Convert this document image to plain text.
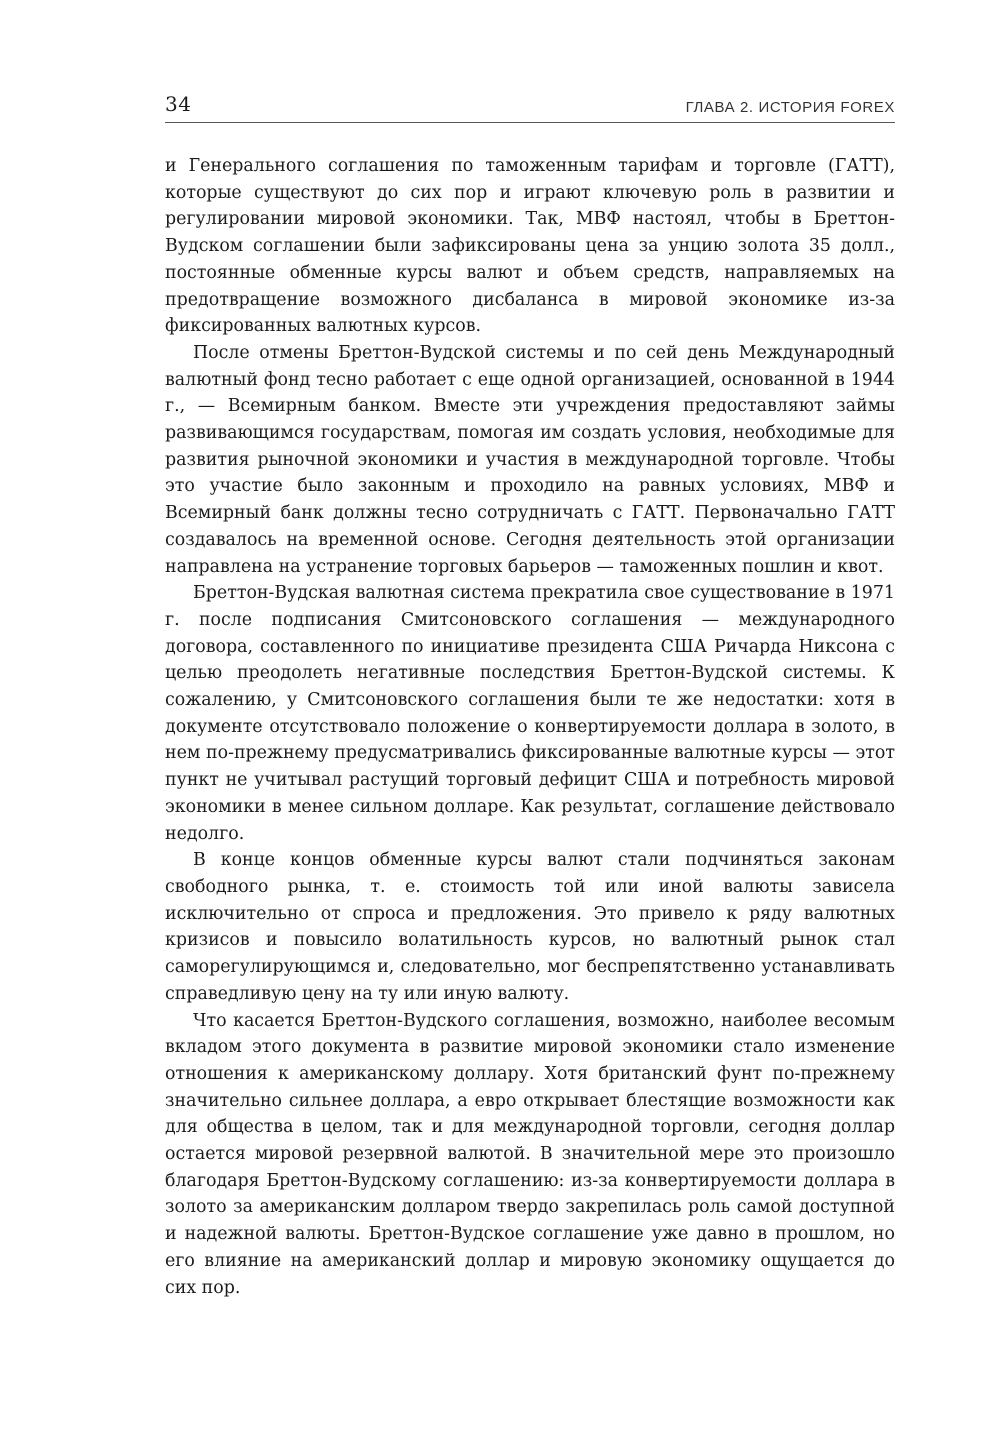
34	ГЛАВА 2. ИСТОРИЯ FOREX

и Генерального соглашения по таможенным тарифам и торговле (ГАТТ), которые существуют до сих пор и играют ключевую роль в развитии и регулировании мировой экономики. Так, МВФ настоял, чтобы в Бреттон-Вудском соглашении были зафиксированы цена за унцию золота 35 долл., постоянные обменные курсы валют и объем средств, направляемых на предотвращение возможного дисбаланса в мировой экономике из-за фиксированных валютных курсов.

После отмены Бреттон-Вудской системы и по сей день Международный валютный фонд тесно работает с еще одной организацией, основанной в 1944 г., — Всемирным банком. Вместе эти учреждения предоставляют займы развивающимся государствам, помогая им создать условия, необходимые для развития рыночной экономики и участия в международной торговле. Чтобы это участие было законным и проходило на равных условиях, МВФ и Всемирный банк должны тесно сотрудничать с ГАТТ. Первоначально ГАТТ создавалось на временной основе. Сегодня деятельность этой организации направлена на устранение торговых барьеров — таможенных пошлин и квот.

Бреттон-Вудская валютная система прекратила свое существование в 1971 г. после подписания Смитсоновского соглашения — международного договора, составленного по инициативе президента США Ричарда Никсона с целью преодолеть негативные последствия Бреттон-Вудской системы. К сожалению, у Смитсоновского соглашения были те же недостатки: хотя в документе отсутствовало положение о конвертируемости доллара в золото, в нем по-прежнему предусматривались фиксированные валютные курсы — этот пункт не учитывал растущий торговый дефицит США и потребность мировой экономики в менее сильном долларе. Как результат, соглашение действовало недолго.

В конце концов обменные курсы валют стали подчиняться законам свободного рынка, т. е. стоимость той или иной валюты зависела исключительно от спроса и предложения. Это привело к ряду валютных кризисов и повысило волатильность курсов, но валютный рынок стал саморегулирующимся и, следовательно, мог беспрепятственно устанавливать справедливую цену на ту или иную валюту.

Что касается Бреттон-Вудского соглашения, возможно, наиболее весомым вкладом этого документа в развитие мировой экономики стало изменение отношения к американскому доллару. Хотя британский фунт по-прежнему значительно сильнее доллара, а евро открывает блестящие возможности как для общества в целом, так и для международной торговли, сегодня доллар остается мировой резервной валютой. В значительной мере это произошло благодаря Бреттон-Вудскому соглашению: из-за конвертируемости доллара в золото за американским долларом твердо закрепилась роль самой доступной и надежной валюты. Бреттон-Вудское соглашение уже давно в прошлом, но его влияние на американский доллар и мировую экономику ощущается до сих пор.
